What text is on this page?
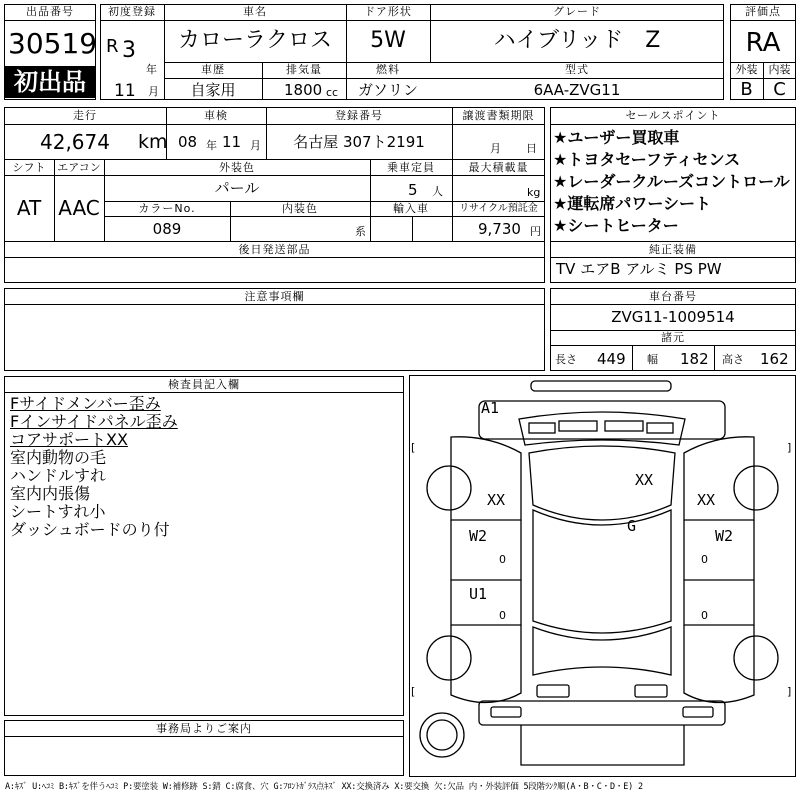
出品番号
30519
初出品
初度登録
R 3
年
11 月
車名
カローラクロス
ドア形状
5W
グレード
ハイブリッド　Z
車歴
自家用
排気量
1800 cc
燃料
ガソリン
型式
6AA-ZVG11
評価点
RA
外装	内装
B	C
走行
42,674 km
車検
08 年 11 月
登録番号
名古屋 307ト2191
譲渡書類期限
月 日
シフト
AT
エアコン
AAC
外装色
パール
乗車定員
5 人
最大積載量
kg
カラーNo.
089
内装色
系
輸入車	リサイクル預託金
9,730 円
後日発送部品
セールスポイント
★ユーザー買取車
★トヨタセーフティセンス
★レーダークルーズコントロール
★運転席パワーシート
★シートヒーター
純正装備
TV エアB アルミ PS PW
注意事項欄	車台番号
ZVG11-1009514
諸元
長さ 449 幅 182 高さ 162
検査員記入欄
Fサイドメンバー歪み
Fインサイドパネル歪み
コアサポートXX
室内動物の毛
ハンドルすれ
室内内張傷
シートすれ小
ダッシュボードのり付
事務局よりご案内
A1
XX
XX	XX
G
W2	W2
U1
[	]
[	]
0	0
0	0
A:ｷｽﾞ U:ﾍｺﾐ B:ｷｽﾞを伴うﾍｺﾐ P:要塗装 W:補修跡 S:錆 C:腐食、穴 G:ﾌﾛﾝﾄｶﾞﾗｽ点ｷｽﾞ XX:交換済み X:要交換 欠:欠品 内・外装評価 5段階ﾗﾝｸ順(A・B・C・D・E) 2
